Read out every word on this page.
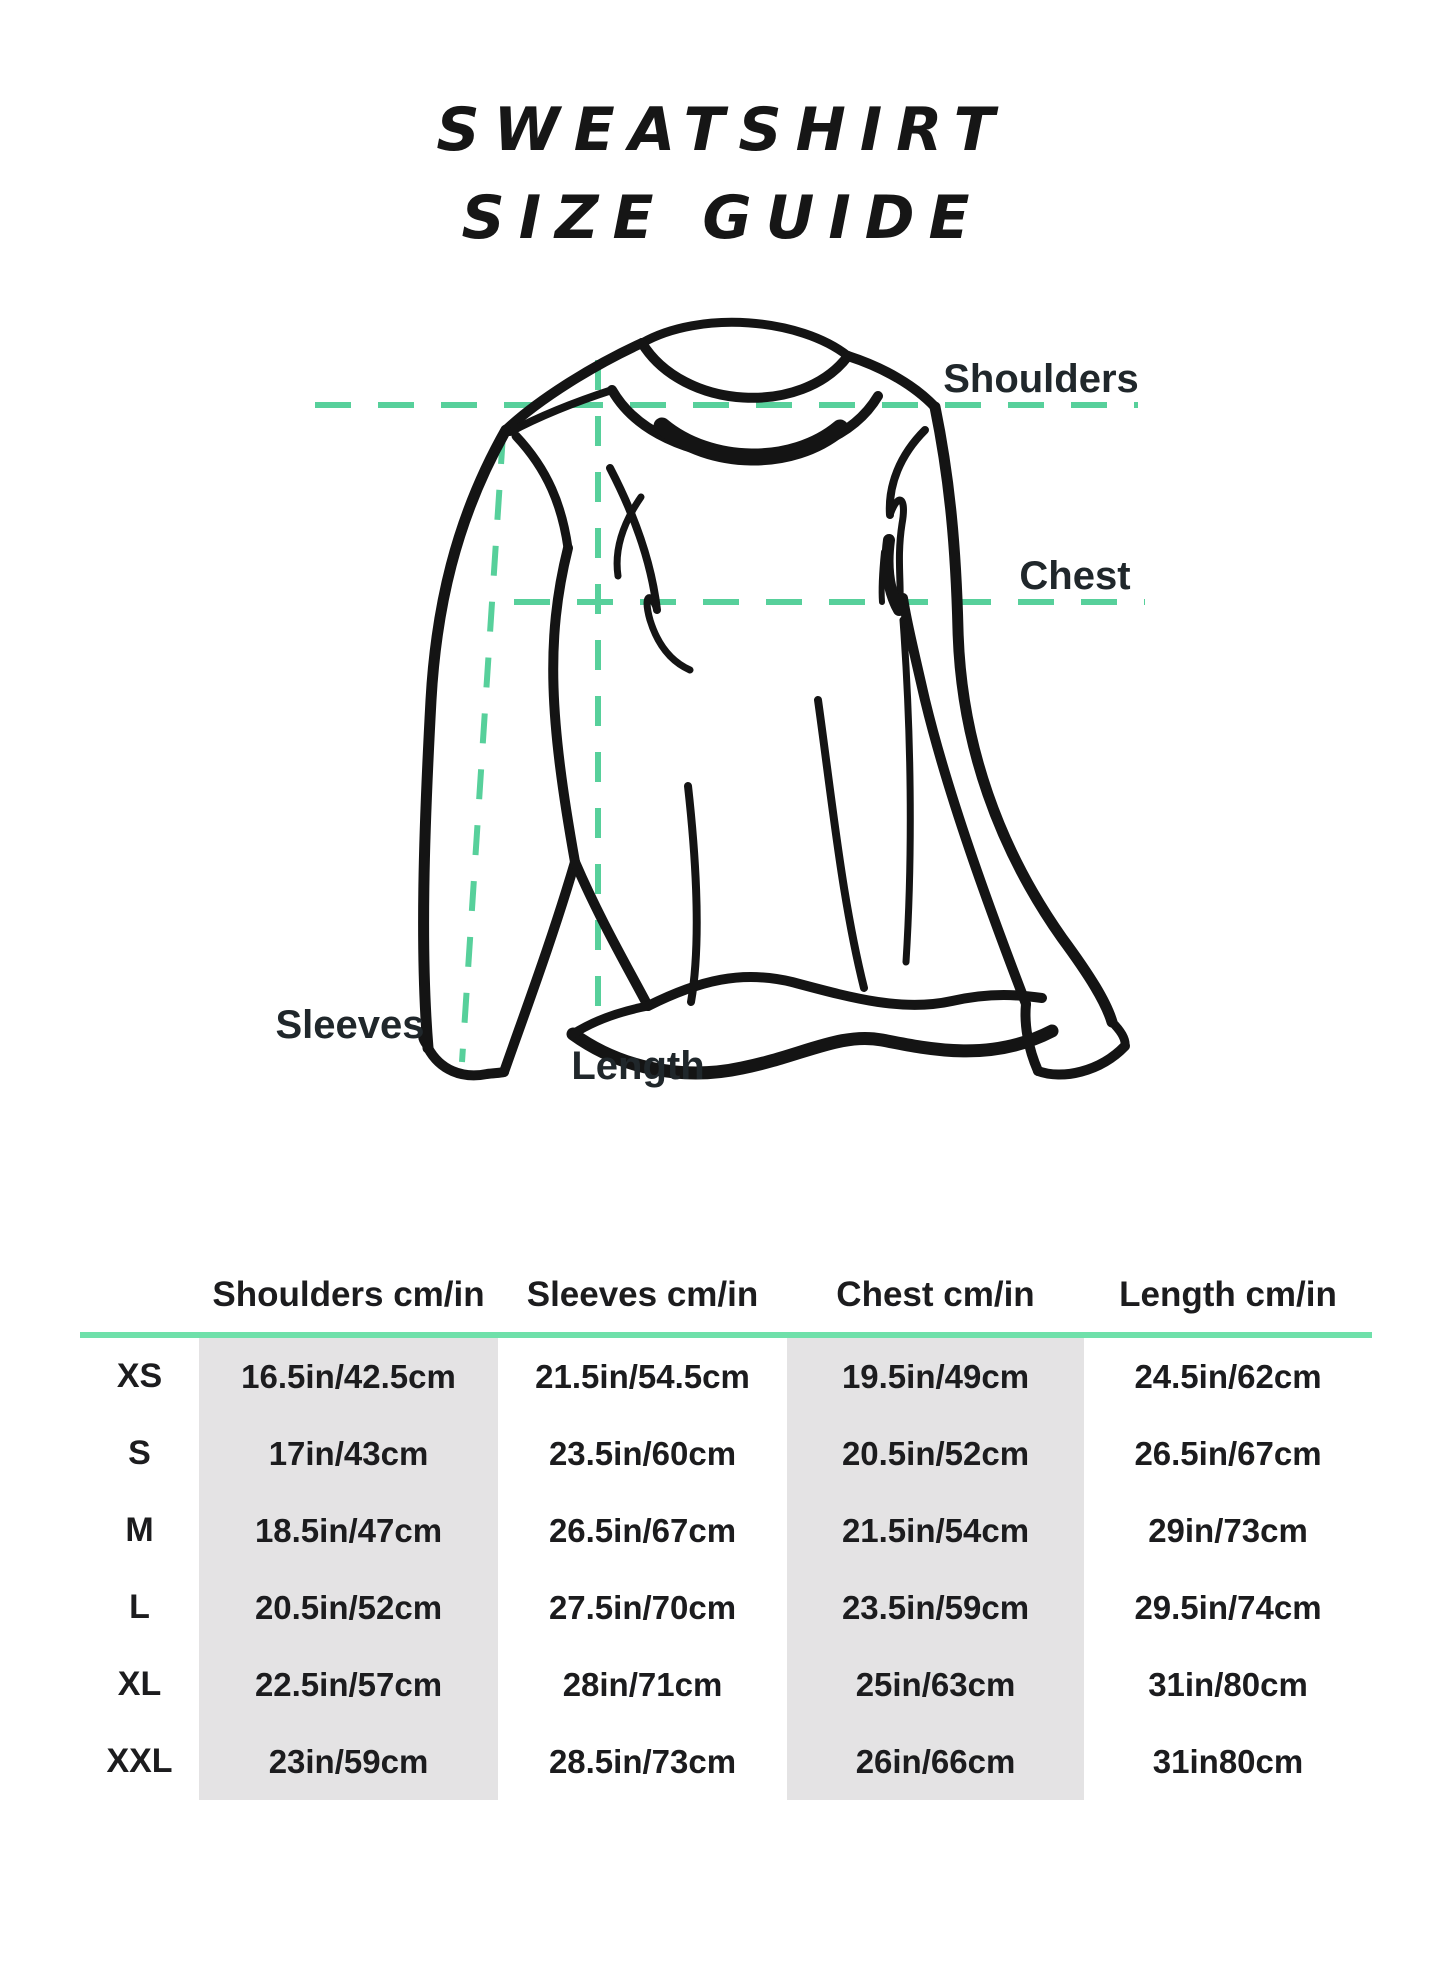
SWEATSHIRT
SIZE GUIDE
Shoulders
Chest
Sleeves
Length
Shoulders cm/in	Sleeves cm/in	Chest cm/in	Length cm/in
XS	16.5in/42.5cm	21.5in/54.5cm	19.5in/49cm	24.5in/62cm
S	17in/43cm	23.5in/60cm	20.5in/52cm	26.5in/67cm
M	18.5in/47cm	26.5in/67cm	21.5in/54cm	29in/73cm
L	20.5in/52cm	27.5in/70cm	23.5in/59cm	29.5in/74cm
XL	22.5in/57cm	28in/71cm	25in/63cm	31in/80cm
XXL	23in/59cm	28.5in/73cm	26in/66cm	31in80cm
